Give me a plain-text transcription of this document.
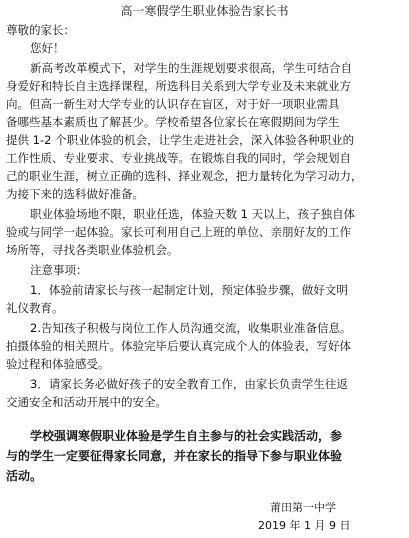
高一寒假学生职业体验告家长书
尊敬的家长：
您好！
新高考改革模式下，对学生的生涯规划要求很高，学生可结合自
身爱好和特长自主选择课程，所选科目关系到大学专业及未来就业方
向。但高一新生对大学专业的认识存在盲区，对于好一项职业需具
备哪些基本素质也了解甚少。学校希望各位家长在寒假期间为学生
提供 1-2 个职业体验的机会，让学生走进社会，深入体验各种职业的
工作性质、专业要求、专业挑战等。在锻炼自我的同时，学会规划自
己的职业生涯，树立正确的选科、择业观念，把力量转化为学习动力，
为接下来的选科做好准备。
职业体验场地不限，职业任选，体验天数 1 天以上，孩子独自体
验或与同学一起体验。家长可利用自己上班的单位、亲朋好友的工作
场所等，寻找各类职业体验机会。
注意事项：
1．体验前请家长与孩一起制定计划，预定体验步骤，做好文明
礼仪教育。
2.告知孩子积极与岗位工作人员沟通交流，收集职业准备信息。
拍摄体验的相关照片。体验完毕后要认真完成个人的体验表，写好体
验过程和体验感受。
3．请家长务必做好孩子的安全教育工作，由家长负责学生往返
交通安全和活动开展中的安全。
学校强调寒假职业体验是学生自主参与的社会实践活动，参
与的学生一定要征得家长同意，并在家长的指导下参与职业体验
活动。
莆田第一中学
2019 年 1 月 9 日
